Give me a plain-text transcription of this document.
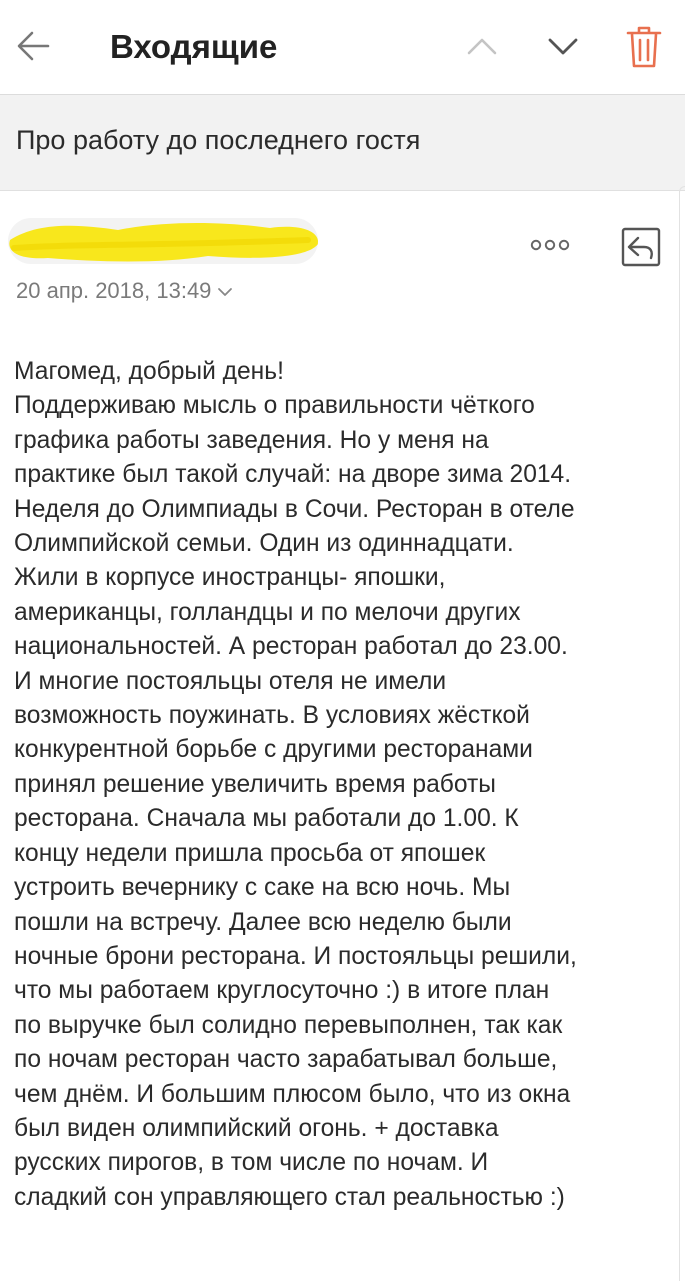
Входящие
Про работу до последнего гостя
20 апр. 2018, 13:49
Магомед, добрый день!
Поддерживаю мысль о правильности чёткого
графика работы заведения. Но у меня на
практике был такой случай: на дворе зима 2014.
Неделя до Олимпиады в Сочи. Ресторан в отеле
Олимпийской семьи. Один из одиннадцати.
Жили в корпусе иностранцы- япошки,
американцы, голландцы и по мелочи других
национальностей. А ресторан работал до 23.00.
И многие постояльцы отеля не имели
возможность поужинать. В условиях жёсткой
конкурентной борьбе с другими ресторанами
принял решение увеличить время работы
ресторана. Сначала мы работали до 1.00. К
концу недели пришла просьба от япошек
устроить вечернику с саке на всю ночь. Мы
пошли на встречу. Далее всю неделю были
ночные брони ресторана. И постояльцы решили,
что мы работаем круглосуточно :) в итоге план
по выручке был солидно перевыполнен, так как
по ночам ресторан часто зарабатывал больше,
чем днём. И большим плюсом было, что из окна
был виден олимпийский огонь. + доставка
русских пирогов, в том числе по ночам. И
сладкий сон управляющего стал реальностью :)
